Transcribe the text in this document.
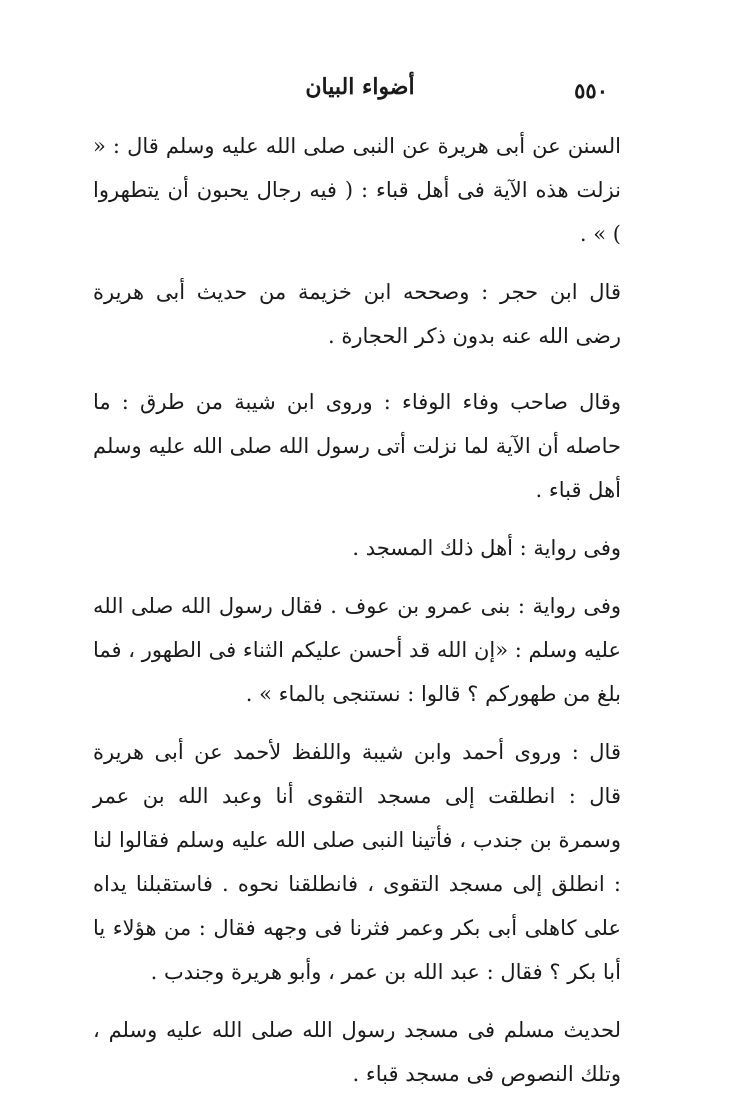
٥٥٠
أضواء البيان

السنن عن أبى هريرة عن النبى صلى الله عليه وسلم قال : « نزلت هذه الآية فى أهل قباء : ( فيه رجال يحبون أن يتطهروا ) » .

قال ابن حجر : وصححه ابن خزيمة من حديث أبى هريرة رضى الله عنه بدون ذكر الحجارة .

وقال صاحب وفاء الوفاء : وروى ابن شيبة من طرق : ما حاصله أن الآية لما نزلت أتى رسول الله صلى الله عليه وسلم أهل قباء .

وفى رواية : أهل ذلك المسجد .

وفى رواية : بنى عمرو بن عوف . فقال رسول الله صلى الله عليه وسلم : «إن الله قد أحسن عليكم الثناء فى الطهور ، فما بلغ من طهوركم ؟ قالوا : نستنجى بالماء » .

قال : وروى أحمد وابن شيبة واللفظ لأحمد عن أبى هريرة قال : انطلقت إلى مسجد التقوى أنا وعبد الله بن عمر وسمرة بن جندب ، فأتينا النبى صلى الله عليه وسلم فقالوا لنا : انطلق إلى مسجد التقوى ، فانطلقنا نحوه . فاستقبلنا يداه على كاهلى أبى بكر وعمر فثرنا فى وجهه فقال : من هؤلاء يا أبا بكر ؟ فقال : عبد الله بن عمر ، وأبو هريرة وجندب .

لحديث مسلم فى مسجد رسول الله صلى الله عليه وسلم ، وتلك النصوص فى مسجد قباء .
